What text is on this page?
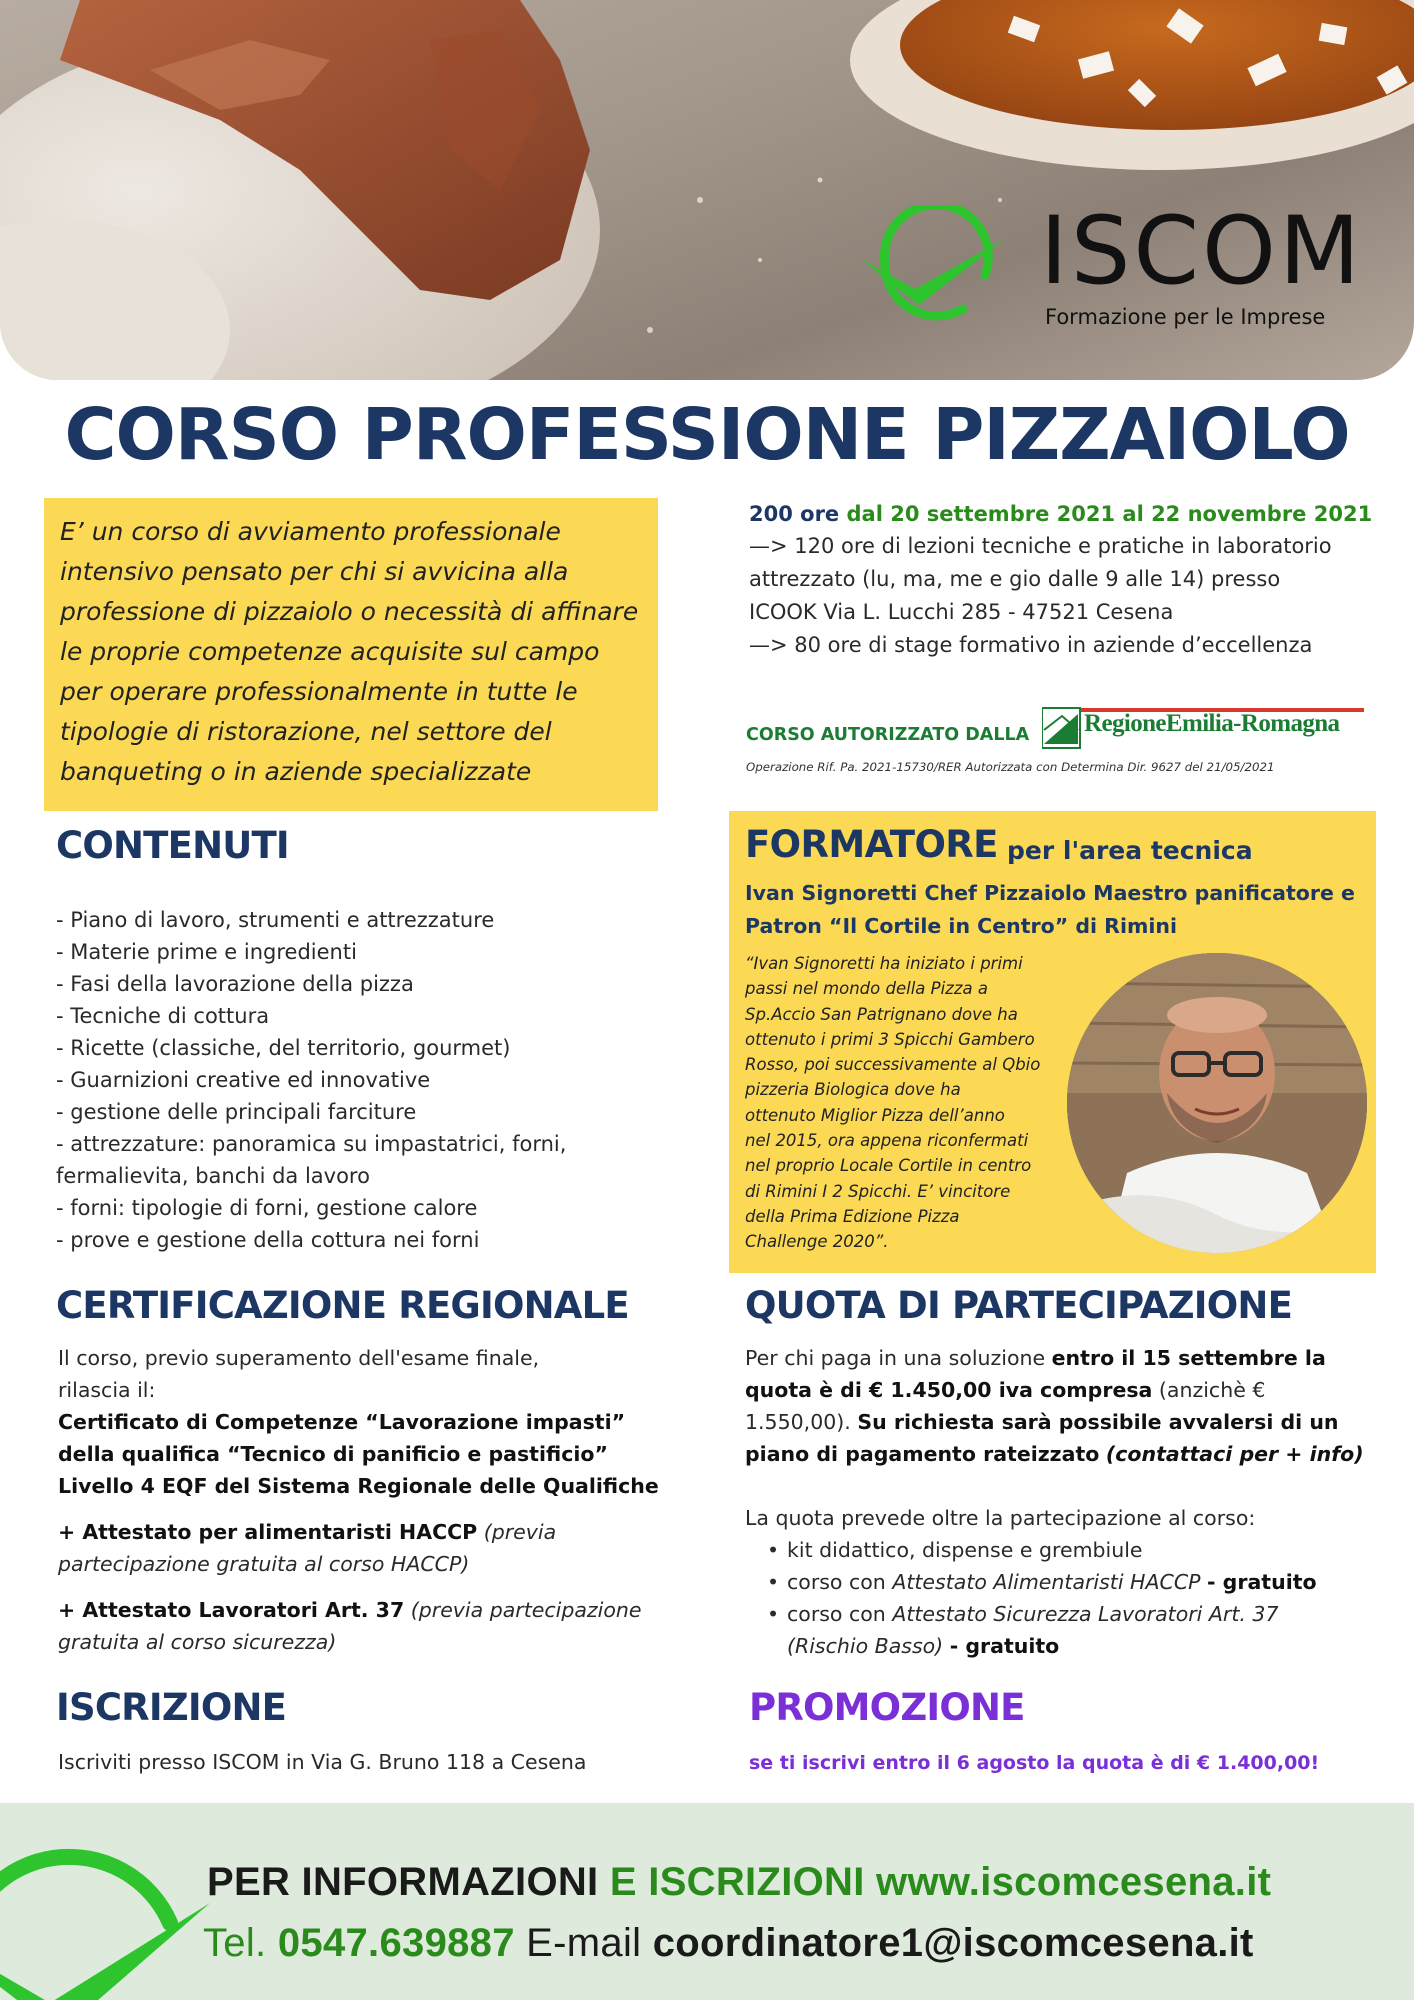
ISCOM
Formazione per le Imprese
CORSO PROFESSIONE PIZZAIOLO

E’ un corso di avviamento professionale intensivo pensato per chi si avvicina alla professione di pizzaiolo o necessità di affinare le proprie competenze acquisite sul campo per operare professionalmente in tutte le tipologie di ristorazione, nel settore del banqueting o in aziende specializzate

200 ore dal 20 settembre 2021 al 22 novembre 2021
—> 120 ore di lezioni tecniche e pratiche in laboratorio
attrezzato (lu, ma, me e gio dalle 9 alle 14) presso
ICOOK Via L. Lucchi 285 - 47521 Cesena
—> 80 ore di stage formativo in aziende d’eccellenza
CORSO AUTORIZZATO DALLA RegioneEmilia-Romagna
Operazione Rif. Pa. 2021-15730/RER Autorizzata con Determina Dir. 9627 del 21/05/2021
CONTENUTI
- Piano di lavoro, strumenti e attrezzature
- Materie prime e ingredienti
- Fasi della lavorazione della pizza
- Tecniche di cottura
- Ricette (classiche, del territorio, gourmet)
- Guarnizioni creative ed innovative
- gestione delle principali farciture
- attrezzature: panoramica su impastatrici, forni,
fermalievita, banchi da lavoro
- forni: tipologie di forni, gestione calore
- prove e gestione della cottura nei forni
FORMATORE per l'area tecnica
Ivan Signoretti Chef Pizzaiolo Maestro panificatore e
Patron “Il Cortile in Centro” di Rimini
“Ivan Signoretti ha iniziato i primi
passi nel mondo della Pizza a
Sp.Accio San Patrignano dove ha
ottenuto i primi 3 Spicchi Gambero
Rosso, poi successivamente al Qbio
pizzeria Biologica dove ha
ottenuto Miglior Pizza dell’anno
nel 2015, ora appena riconfermati
nel proprio Locale Cortile in centro
di Rimini I 2 Spicchi. E’ vincitore
della Prima Edizione Pizza
Challenge 2020”.
CERTIFICAZIONE REGIONALE

Il corso, previo superamento dell'esame finale, rilascia il:

Certificato di Competenze “Lavorazione impasti”

della qualifica “Tecnico di panificio e pastificio”

Livello 4 EQF del Sistema Regionale delle Qualifiche

+ Attestato per alimentaristi HACCP (previa partecipazione gratuita al corso HACCP)

+ Attestato Lavoratori Art. 37 (previa partecipazione gratuita al corso sicurezza)

QUOTA DI PARTECIPAZIONE

Per chi paga in una soluzione entro il 15 settembre la quota è di € 1.450,00 iva compresa (anzichè € 1.550,00). Su richiesta sarà possibile avvalersi di un piano di pagamento rateizzato (contattaci per + info)

La quota prevede oltre la partecipazione al corso:

• kit didattico, dispense e grembiule
• corso con Attestato Alimentaristi HACCP - gratuito
• corso con Attestato Sicurezza Lavoratori Art. 37 (Rischio Basso) - gratuito
ISCRIZIONE
Iscriviti presso ISCOM in Via G. Bruno 118 a Cesena
PROMOZIONE
se ti iscrivi entro il 6 agosto la quota è di € 1.400,00!
PER INFORMAZIONI E ISCRIZIONI www.iscomcesena.it
Tel. 0547.639887 E-mail coordinatore1@iscomcesena.it
